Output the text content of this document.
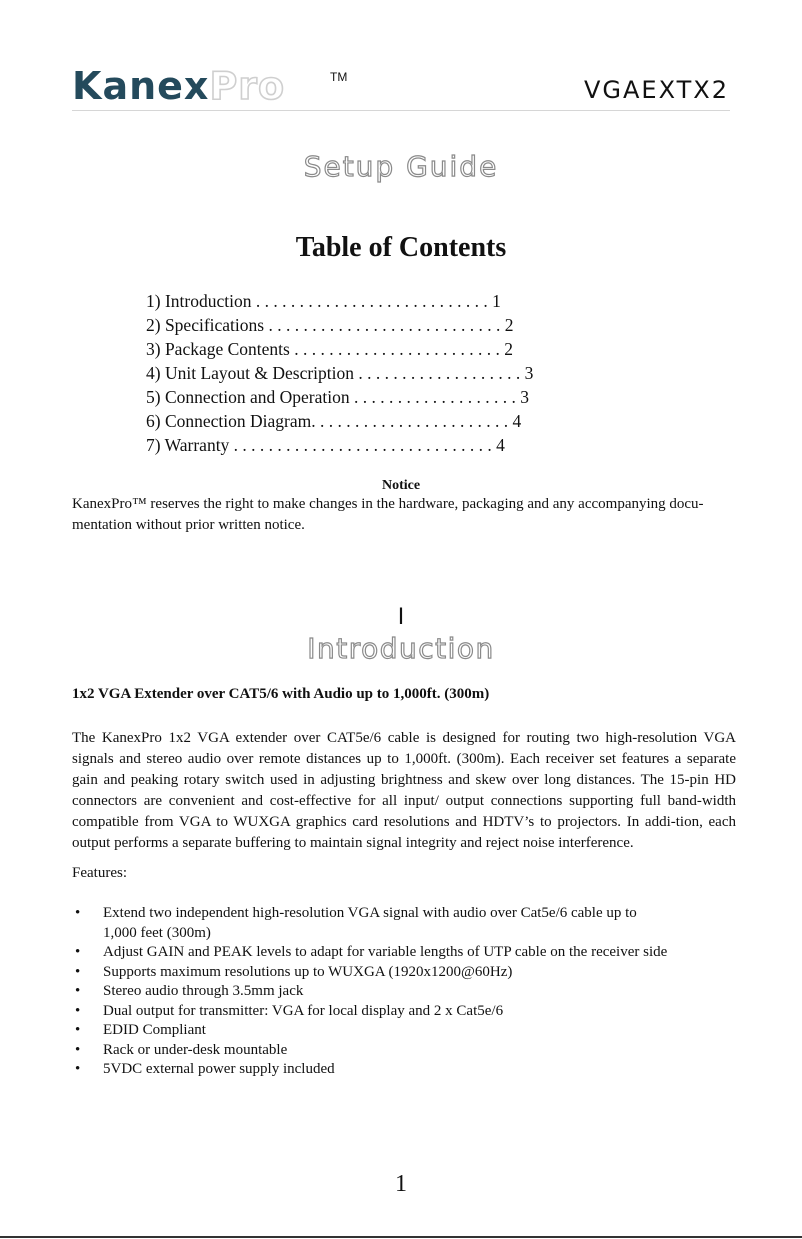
KanexPro	TM	VGAEXTX2
Setup Guide
Table of Contents
1) Introduction . . . . . . . . . . . . . . . . . . . . . . . . . . . 1
2) Specifications . . . . . . . . . . . . . . . . . . . . . . . . . . . 2
3) Package Contents . . . . . . . . . . . . . . . . . . . . . . . . 2
4) Unit Layout & Description . . . . . . . . . . . . . . . . . . . 3
5) Connection and Operation . . . . . . . . . . . . . . . . . . . 3
6) Connection Diagram. . . . . . . . . . . . . . . . . . . . . . . 4
7) Warranty . . . . . . . . . . . . . . . . . . . . . . . . . . . . . . 4
Notice

KanexPro™ reserves the right to make changes in the hardware, packaging and any accompanying docu-mentation without prior written notice.

I
Introduction
1x2 VGA Extender over CAT5/6 with Audio up to 1,000ft. (300m)

The KanexPro 1x2 VGA extender over CAT5e/6 cable is designed for routing two high-resolution VGA signals and stereo audio over remote distances up to 1,000ft. (300m). Each receiver set features a separate gain and peaking rotary switch used in adjusting brightness and skew over long distances. The 15-pin HD connectors are convenient and cost-effective for all input/ output connections supporting full band-width compatible from VGA to WUXGA graphics card resolutions and HDTV’s to projectors. In addi-tion, each output performs a separate buffering to maintain signal integrity and reject noise interference.

Features:
• Extend two independent high-resolution VGA signal with audio over Cat5e/6 cable up to
1,000 feet (300m)
• Adjust GAIN and PEAK levels to adapt for variable lengths of UTP cable on the receiver side
• Supports maximum resolutions up to WUXGA (1920x1200@60Hz)
• Stereo audio through 3.5mm jack
• Dual output for transmitter: VGA for local display and 2 x Cat5e/6
• EDID Compliant
• Rack or under-desk mountable
• 5VDC external power supply included
1
